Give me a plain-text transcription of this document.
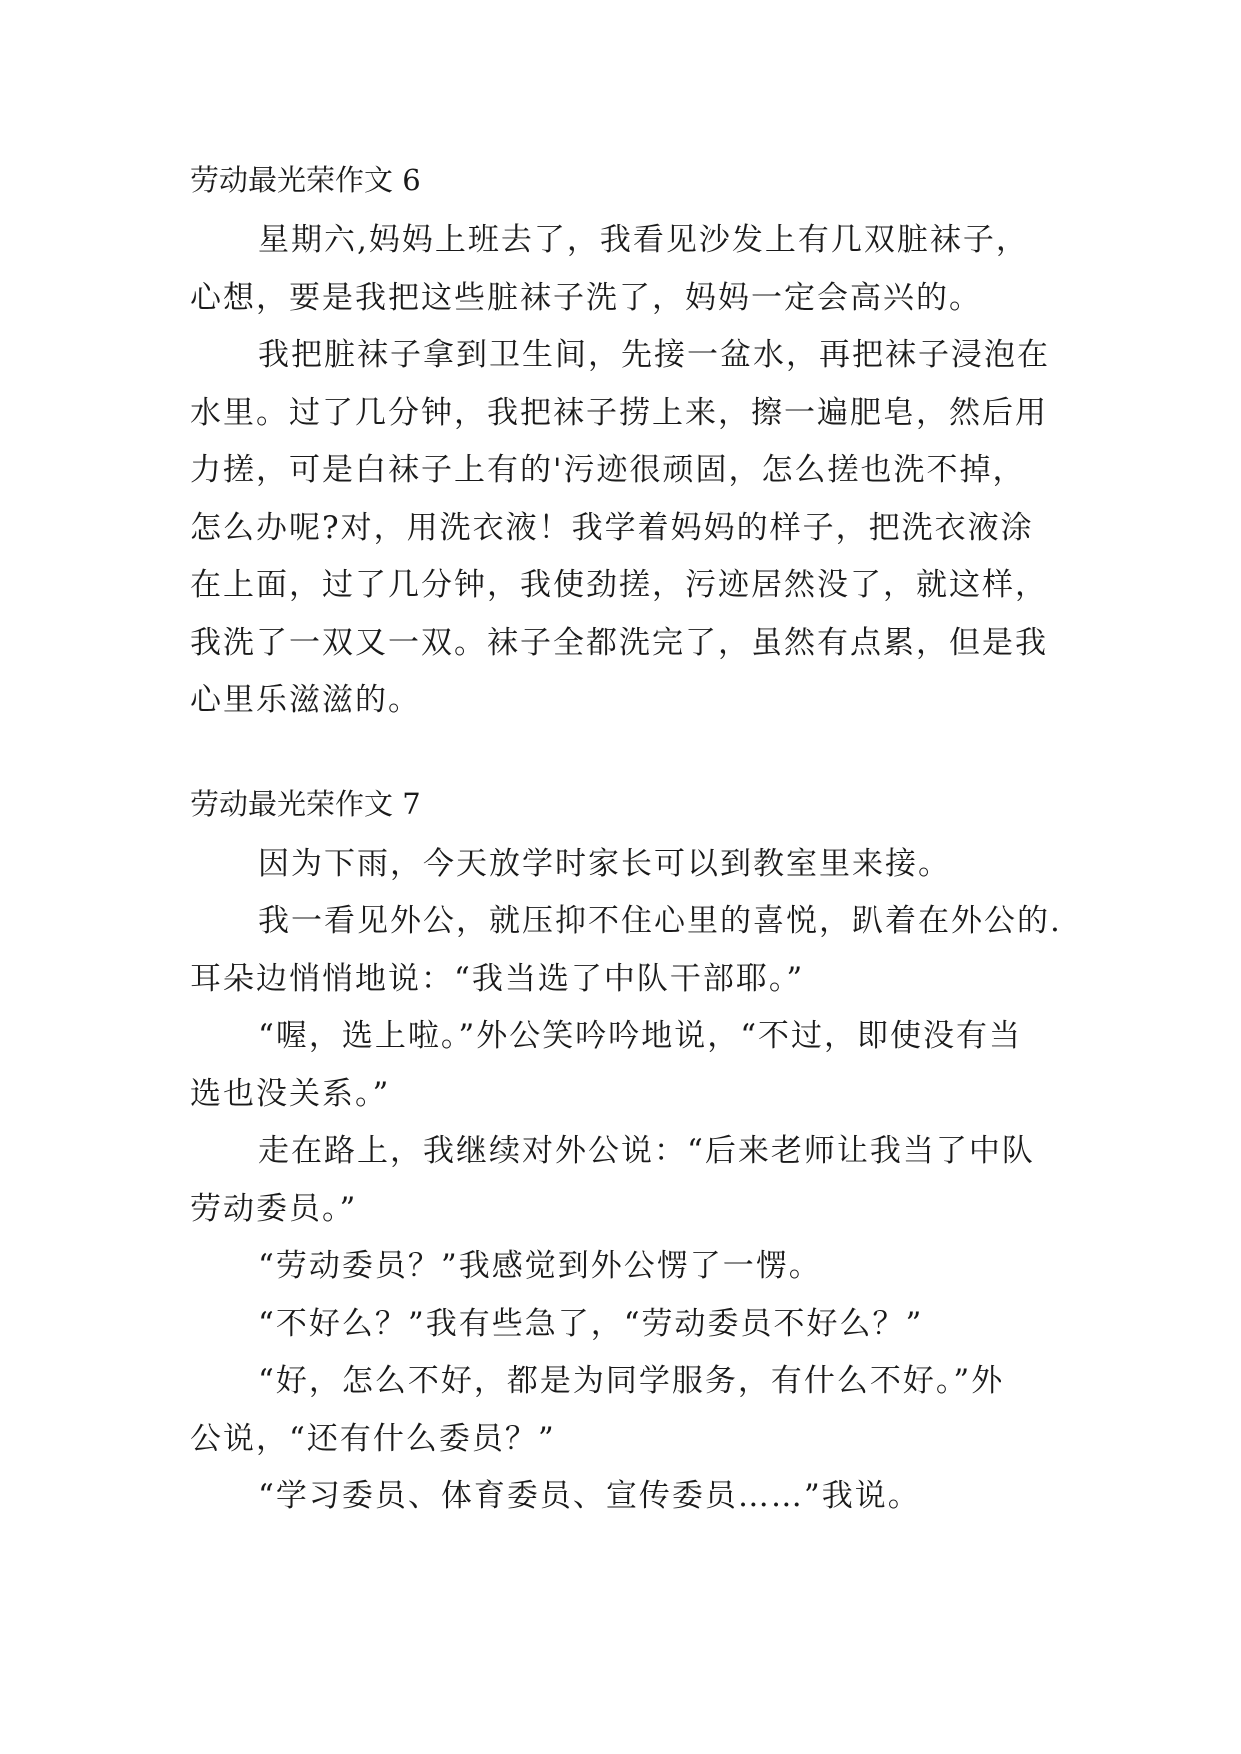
劳动最光荣作文 6
星期六,妈妈上班去了，我看见沙发上有几双脏袜子，
心想，要是我把这些脏袜子洗了，妈妈一定会高兴的。
我把脏袜子拿到卫生间，先接一盆水，再把袜子浸泡在
水里。过了几分钟，我把袜子捞上来，擦一遍肥皂，然后用
力搓，可是白袜子上有的'污迹很顽固，怎么搓也洗不掉，
怎么办呢?对，用洗衣液！我学着妈妈的样子，把洗衣液涂
在上面，过了几分钟，我使劲搓，污迹居然没了，就这样，
我洗了一双又一双。袜子全都洗完了，虽然有点累，但是我
心里乐滋滋的。
劳动最光荣作文 7
因为下雨，今天放学时家长可以到教室里来接。
我一看见外公，就压抑不住心里的喜悦，趴着在外公的.
耳朵边悄悄地说：“我当选了中队干部耶。”
“喔，选上啦。”外公笑吟吟地说，“不过，即使没有当
选也没关系。”
走在路上，我继续对外公说：“后来老师让我当了中队
劳动委员。”
“劳动委员？”我感觉到外公愣了一愣。
“不好么？”我有些急了，“劳动委员不好么？”
“好，怎么不好，都是为同学服务，有什么不好。”外
公说，“还有什么委员？”
“学习委员、体育委员、宣传委员……”我说。
